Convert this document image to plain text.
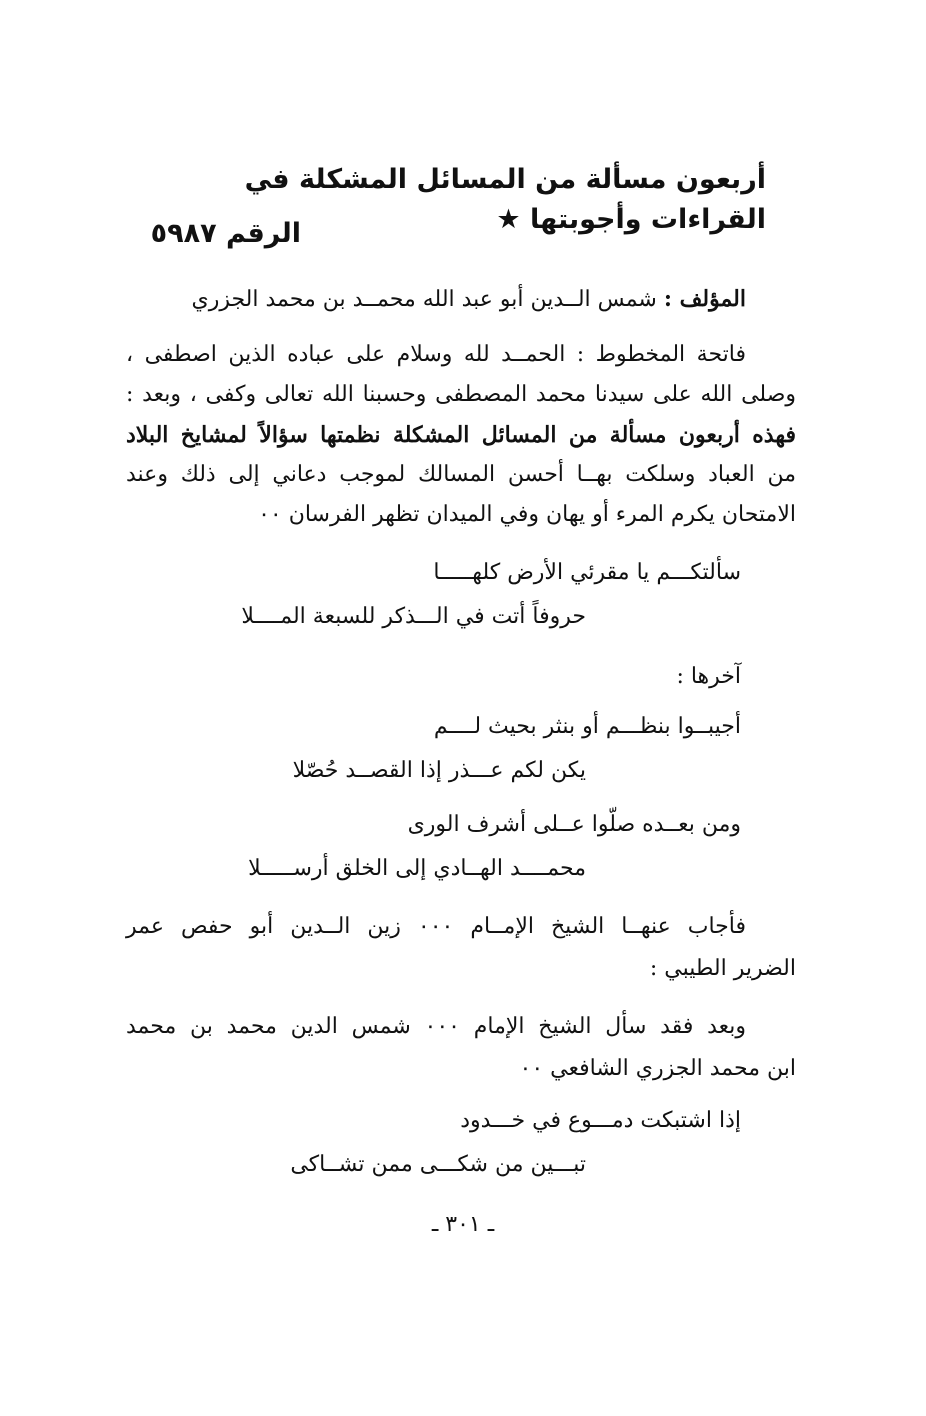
أربعون مسألة من المسائل المشكلة في القراءات وأجوبتها ★
الرقم ٥٩٨٧
المؤلف : شمس الــدين أبو عبد الله محمــد بن محمد الجزري
فاتحة المخطوط : الحمــد لله وسلام على عباده الذين اصطفى ،
وصلى الله على سيدنا محمد المصطفى وحسبنا الله تعالى وكفى ، وبعد :
فهذه أربعون مسألة من المسائل المشكلة نظمتها سؤالاً لمشايخ البلاد
من العباد وسلكت بهــا أحسن المسالك لموجب دعاني إلى ذلك وعند
الامتحان يكرم المرء أو يهان وفي الميدان تظهر الفرسان ٠٠
سألتكـــم يا مقرئي الأرض كلهـــــا
حروفاً أتت في الـــذكر للسبعة المــــلا
آخرها :
أجيبــوا بنظـــم أو بنثر بحيث لــــم
يكن لكم عـــذر إذا القصــد حُصّلا
ومن بعــده صلّوا عــلى أشرف الورى
محمــــد الهــادي إلى الخلق أرســـــلا
فأجاب عنهــا الشيخ الإمــام ٠٠٠ زين الــدين أبو حفص عمر
الضرير الطيبي :
وبعد فقد سأل الشيخ الإمام ٠٠٠ شمس الدين محمد بن محمد
ابن محمد الجزري الشافعي ٠٠
إذا اشتبكت دمـــوع في خـــدود
تبـــين من شكـــى ممن تشــاكى
ـ ٣٠١ ـ
